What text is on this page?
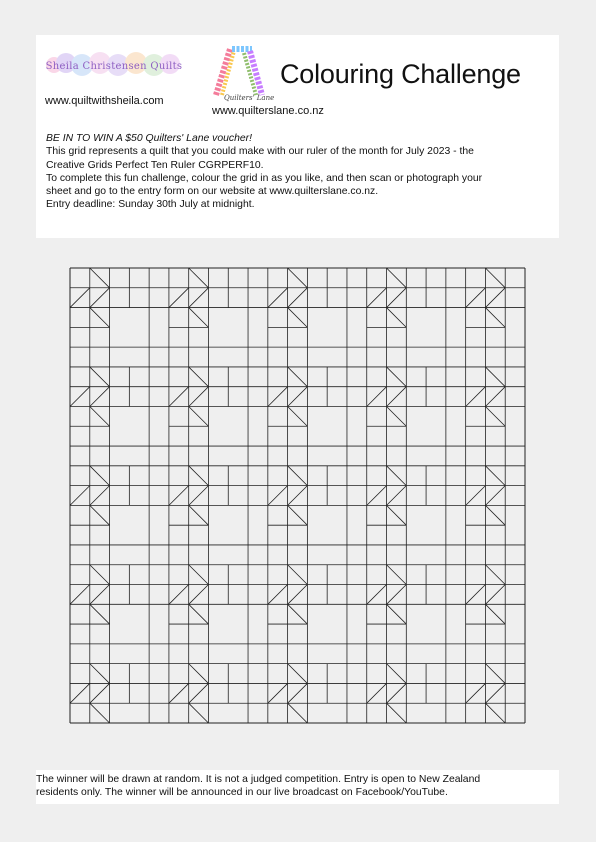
Sheila Christensen Quilts
www.quiltwithsheila.com	Quilters' Lane
www.quilterslane.co.nz
Colouring Challenge
BE IN TO WIN A $50 Quilters' Lane voucher!
This grid represents a quilt that you could make with our ruler of the month for July 2023 - the
Creative Grids Perfect Ten Ruler CGRPERF10.
To complete this fun challenge, colour the grid in as you like, and then scan or photograph your
sheet and go to the entry form on our website at www.quilterslane.co.nz.
Entry deadline: Sunday 30th July at midnight.
The winner will be drawn at random. It is not a judged competition. Entry is open to New Zealand
residents only. The winner will be announced in our live broadcast on Facebook/YouTube.
